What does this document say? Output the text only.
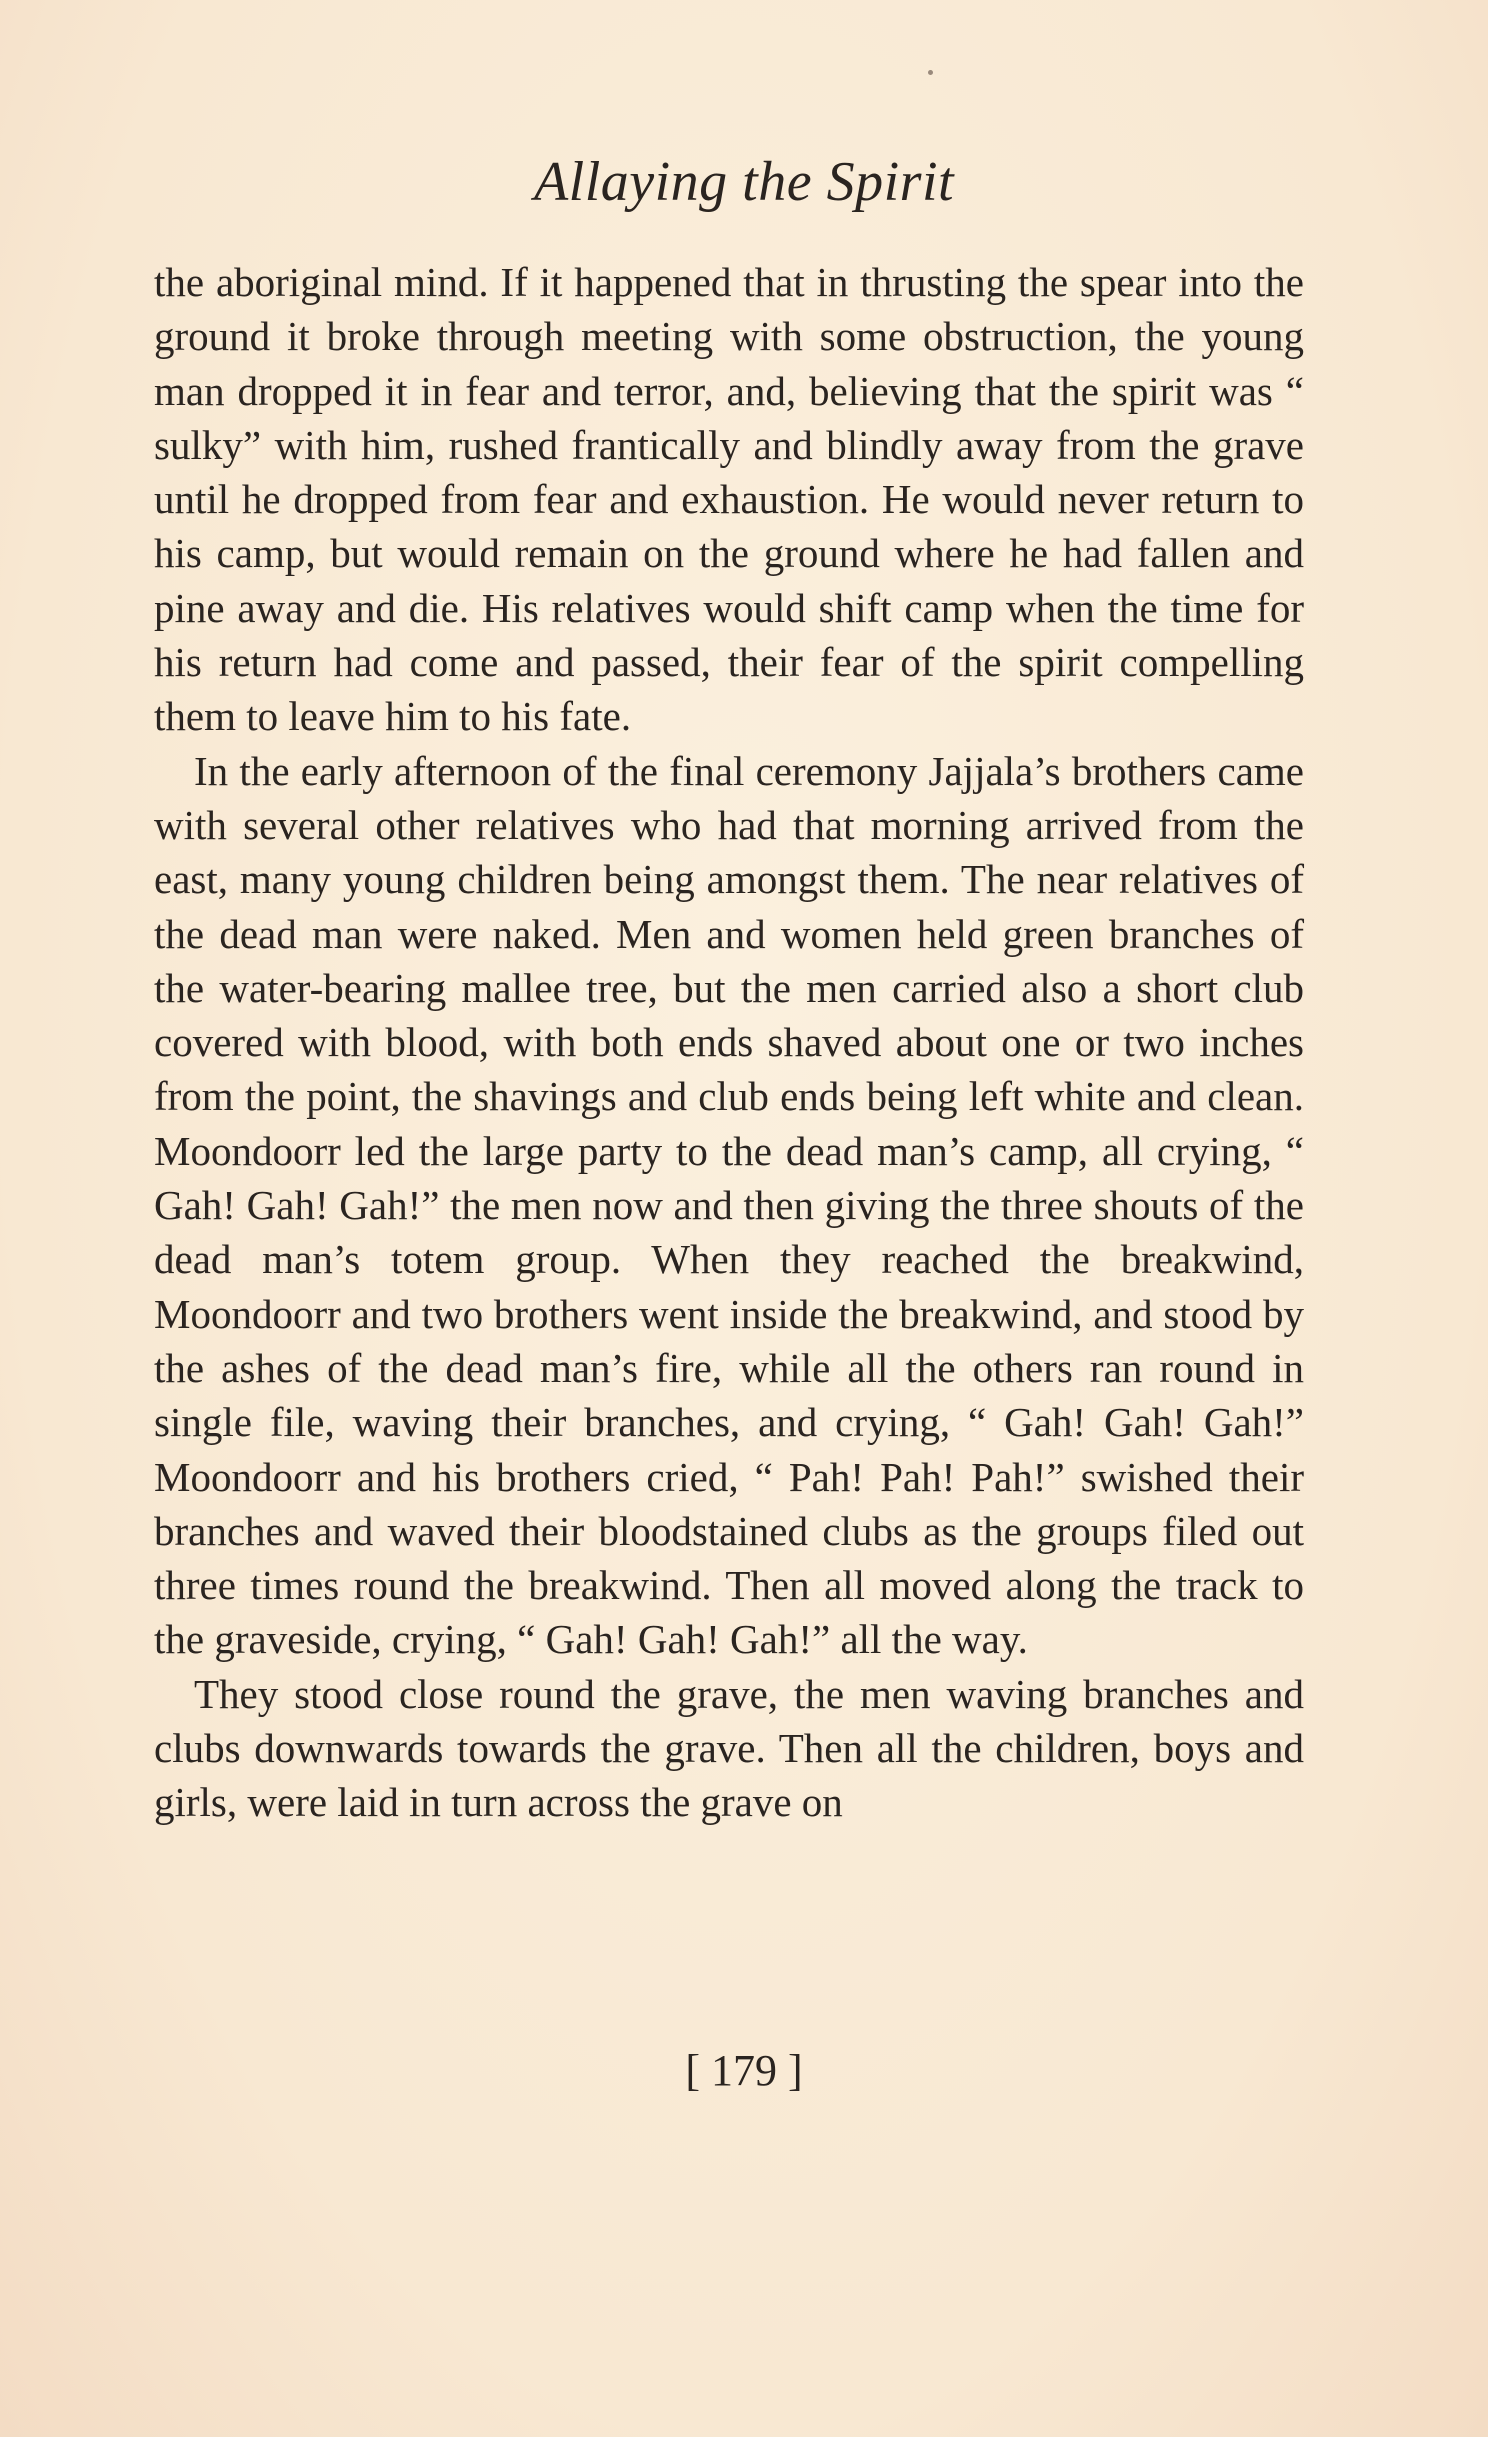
Allaying the Spirit

the aboriginal mind. If it happened that in thrusting the spear into the ground it broke through meeting with some obstruction, the young man dropped it in fear and terror, and, believing that the spirit was “ sulky” with him, rushed frantically and blindly away from the grave until he dropped from fear and exhaustion. He would never return to his camp, but would remain on the ground where he had fallen and pine away and die. His relatives would shift camp when the time for his return had come and passed, their fear of the spirit compelling them to leave him to his fate.

In the early afternoon of the final ceremony Jajjala’s brothers came with several other relatives who had that morning arrived from the east, many young children being amongst them. The near relatives of the dead man were naked. Men and women held green branches of the water-bearing mallee tree, but the men carried also a short club covered with blood, with both ends shaved about one or two inches from the point, the shavings and club ends being left white and clean. Moondoorr led the large party to the dead man’s camp, all crying, “ Gah! Gah! Gah!” the men now and then giving the three shouts of the dead man’s totem group. When they reached the breakwind, Moondoorr and two brothers went inside the breakwind, and stood by the ashes of the dead man’s fire, while all the others ran round in single file, waving their branches, and crying, “ Gah! Gah! Gah!” Moondoorr and his brothers cried, “ Pah! Pah! Pah!” swished their branches and waved their bloodstained clubs as the groups filed out three times round the breakwind. Then all moved along the track to the graveside, crying, “ Gah! Gah! Gah!” all the way.

They stood close round the grave, the men waving branches and clubs downwards towards the grave. Then all the children, boys and girls, were laid in turn across the grave on

[ 179 ]
